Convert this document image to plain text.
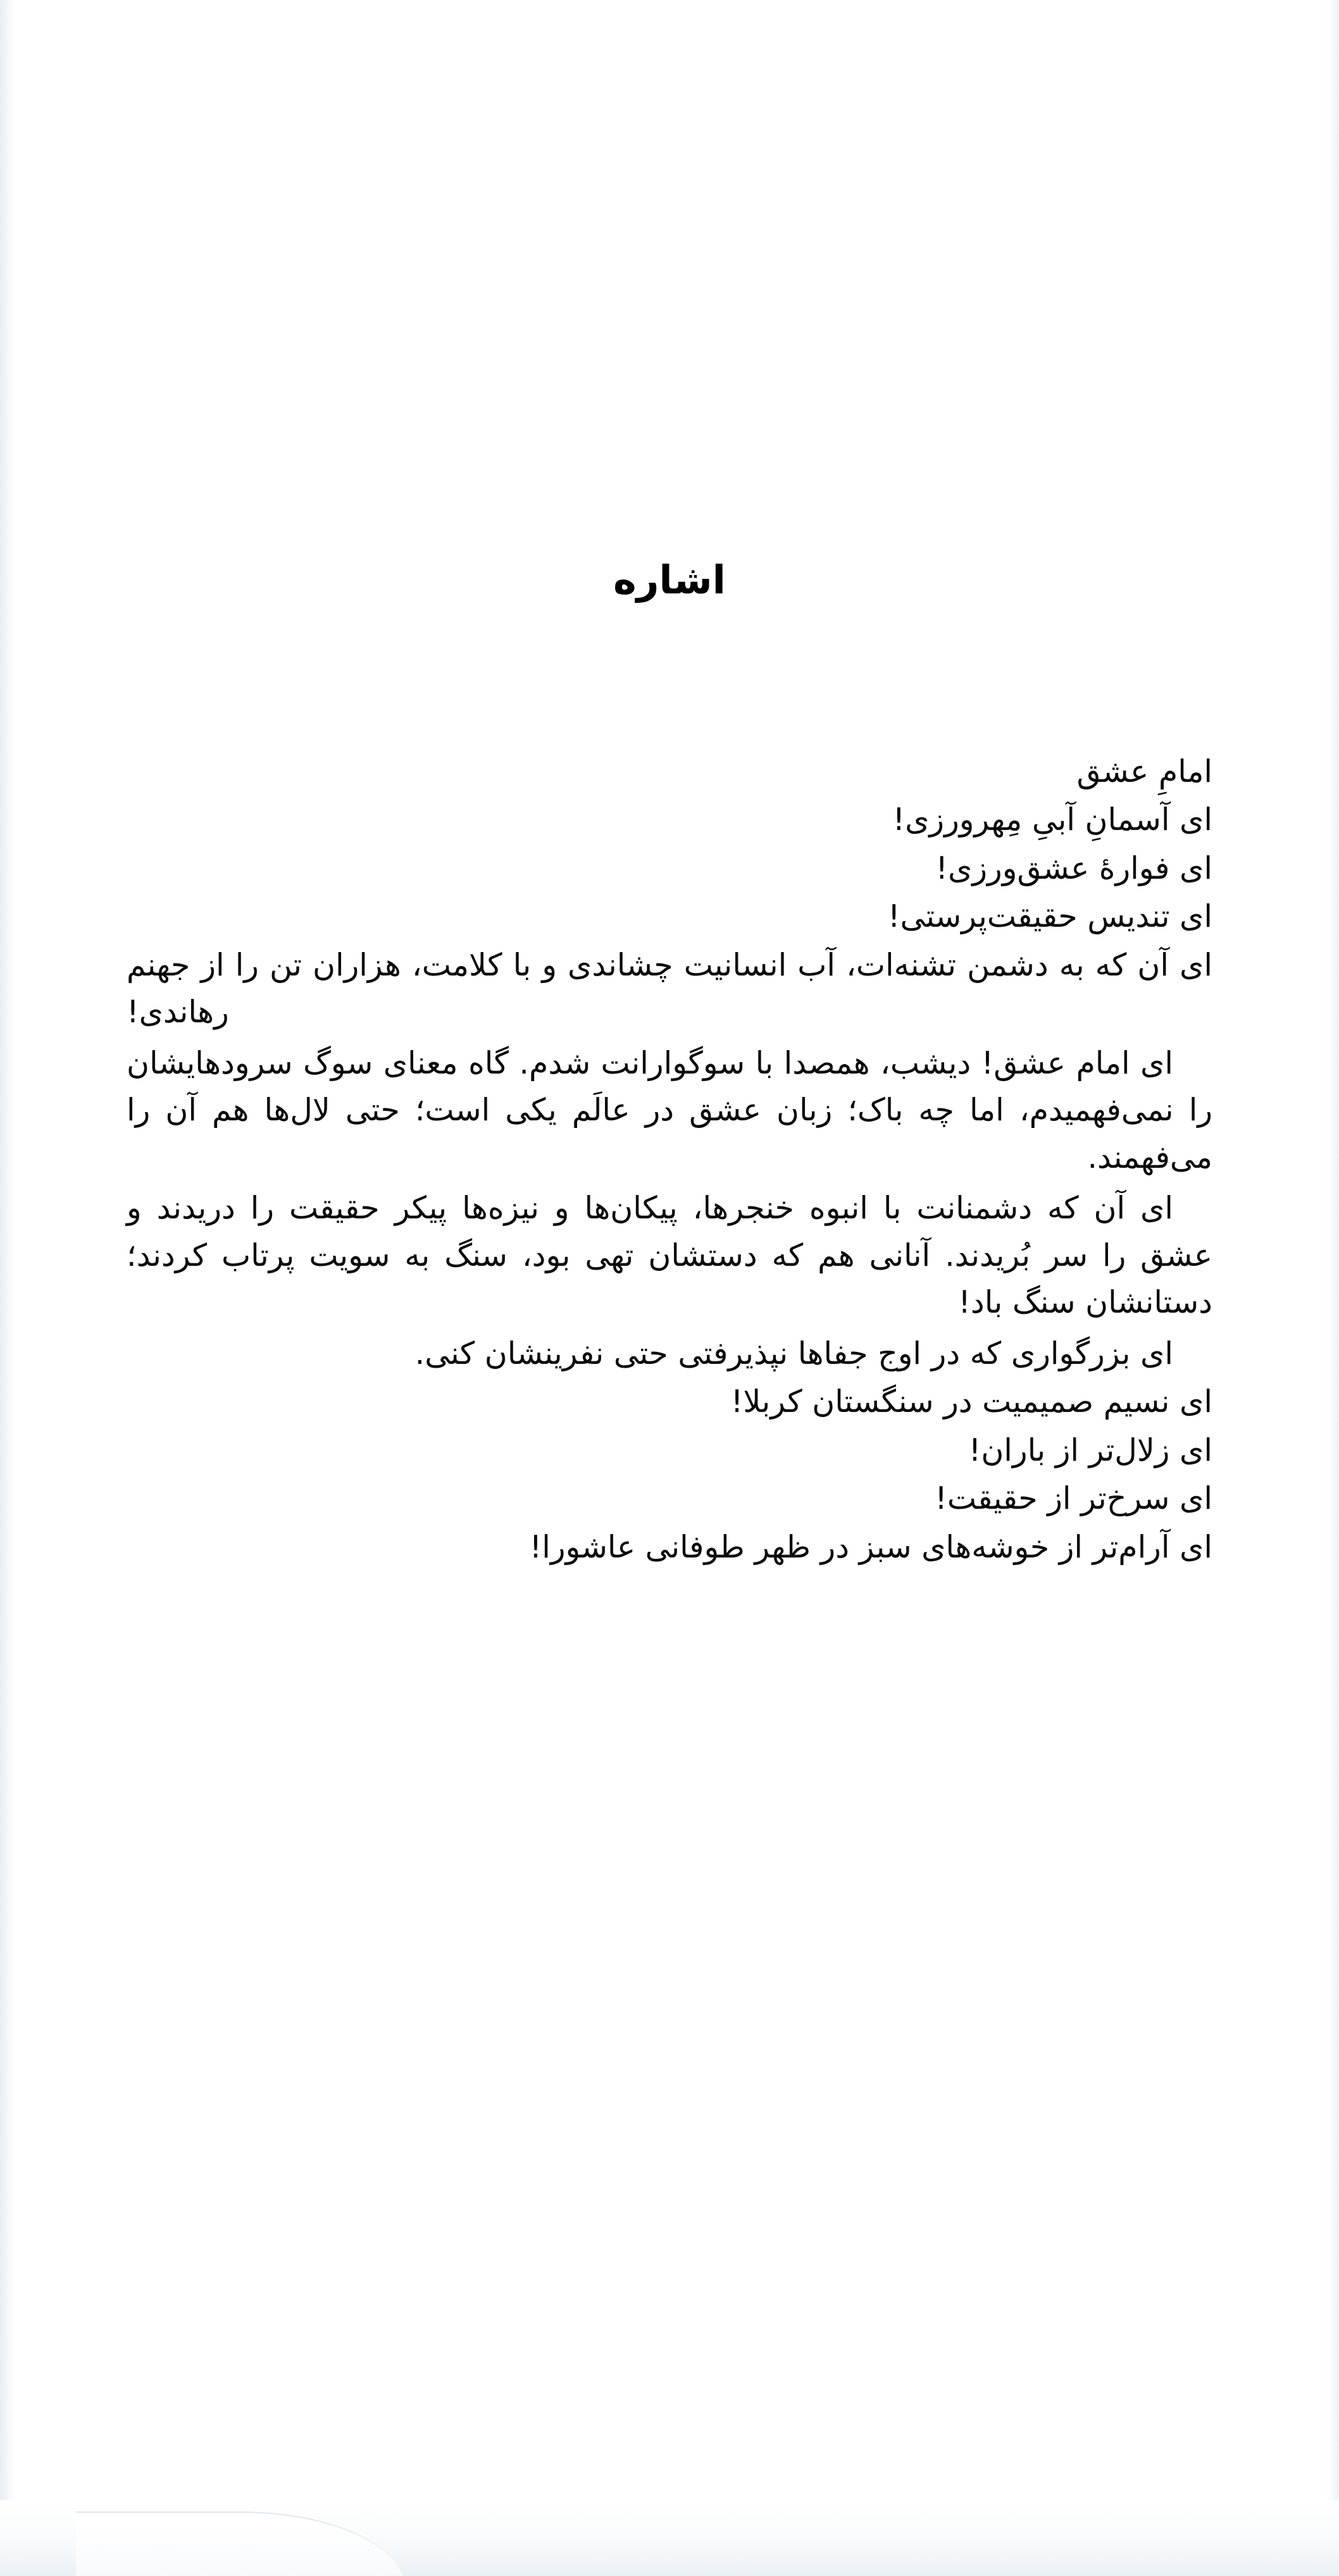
اشاره

امامِ عشق

ای آسمانِ آبیِ مِهرورزی!

ای فوارهٔ عشق‌ورزی!

ای تندیس حقیقت‌پرستی!

ای آن که به دشمن تشنه‌ات، آب انسانیت چشاندی و با کلامت، هزاران تن را از جهنم رهاندی!

ای امام عشق! دیشب، همصدا با سوگوارانت شدم. گاه معنای سوگ سرودهایشان را نمی‌فهمیدم، اما چه باک؛ زبان عشق در عالَم یکی است؛ حتی لال‌ها هم آن را می‌فهمند.

ای آن که دشمنانت با انبوه خنجرها، پیکان‌ها و نیزه‌ها پیکر حقیقت را دریدند و عشق را سر بُریدند. آنانی هم که دستشان تهی بود، سنگ به سویت پرتاب کردند؛ دستانشان سنگ باد!

ای بزرگواری که در اوج جفاها نپذیرفتی حتی نفرینشان کنی.

ای نسیم صمیمیت در سنگستان کربلا!

ای زلال‌تر از باران!

ای سرخ‌تر از حقیقت!

ای آرام‌تر از خوشه‌های سبز در ظهر طوفانی عاشورا!
